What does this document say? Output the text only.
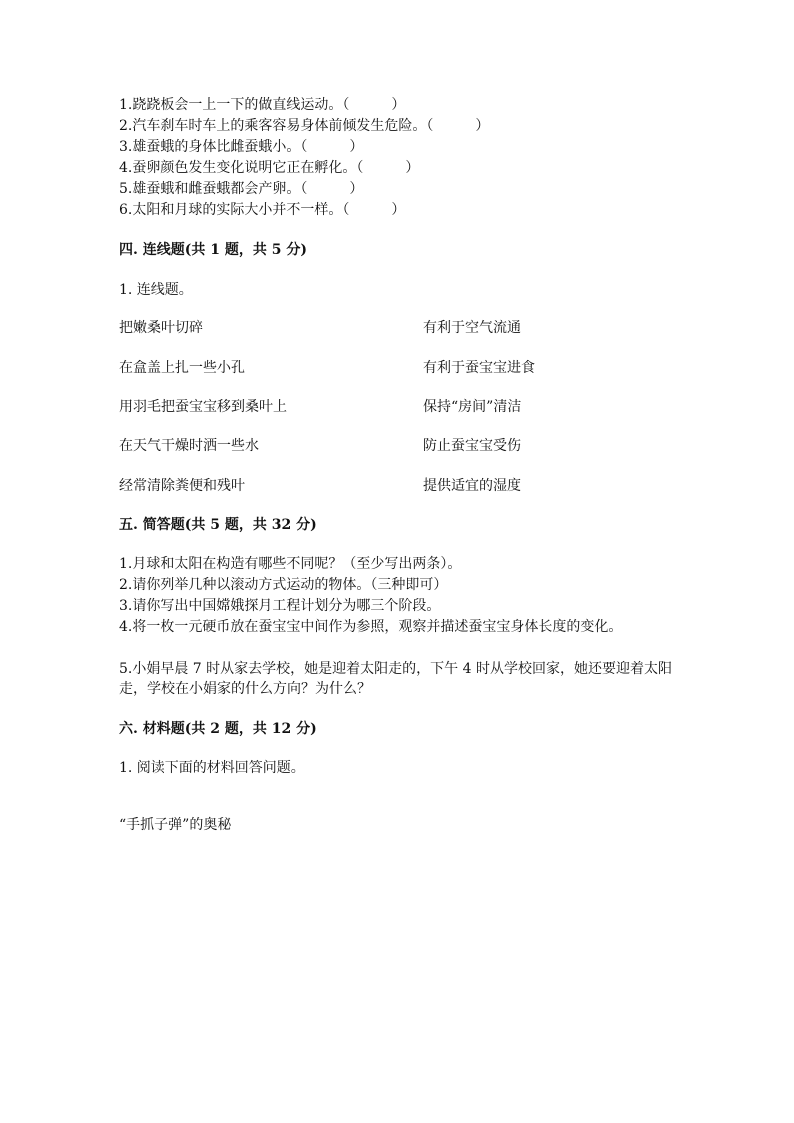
1.跷跷板会一上一下的做直线运动。（　　　）
2.汽车刹车时车上的乘客容易身体前倾发生危险。（　　　）
3.雄蚕蛾的身体比雌蚕蛾小。（　　　）
4.蚕卵颜色发生变化说明它正在孵化。（　　　）
5.雄蚕蛾和雌蚕蛾都会产卵。（　　　）
6.太阳和月球的实际大小并不一样。（　　　）
四. 连线题(共 1 题，共 5 分)
1. 连线题。
把嫩桑叶切碎	有利于空气流通
在盒盖上扎一些小孔	有利于蚕宝宝进食
用羽毛把蚕宝宝移到桑叶上	保持“房间”清洁
在天气干燥时洒一些水	防止蚕宝宝受伤
经常清除粪便和残叶	提供适宜的湿度
五. 简答题(共 5 题，共 32 分)
1.月球和太阳在构造有哪些不同呢？（至少写出两条）。
2.请你列举几种以滚动方式运动的物体。（三种即可）
3.请你写出中国嫦娥探月工程计划分为哪三个阶段。
4.将一枚一元硬币放在蚕宝宝中间作为参照，观察并描述蚕宝宝身体长度的变化。
5.小娟早晨 7 时从家去学校，她是迎着太阳走的，下午 4 时从学校回家，她还要迎着太阳走，学校在小娟家的什么方向？为什么？
六. 材料题(共 2 题，共 12 分)
1. 阅读下面的材料回答问题。
“手抓子弹”的奥秘
